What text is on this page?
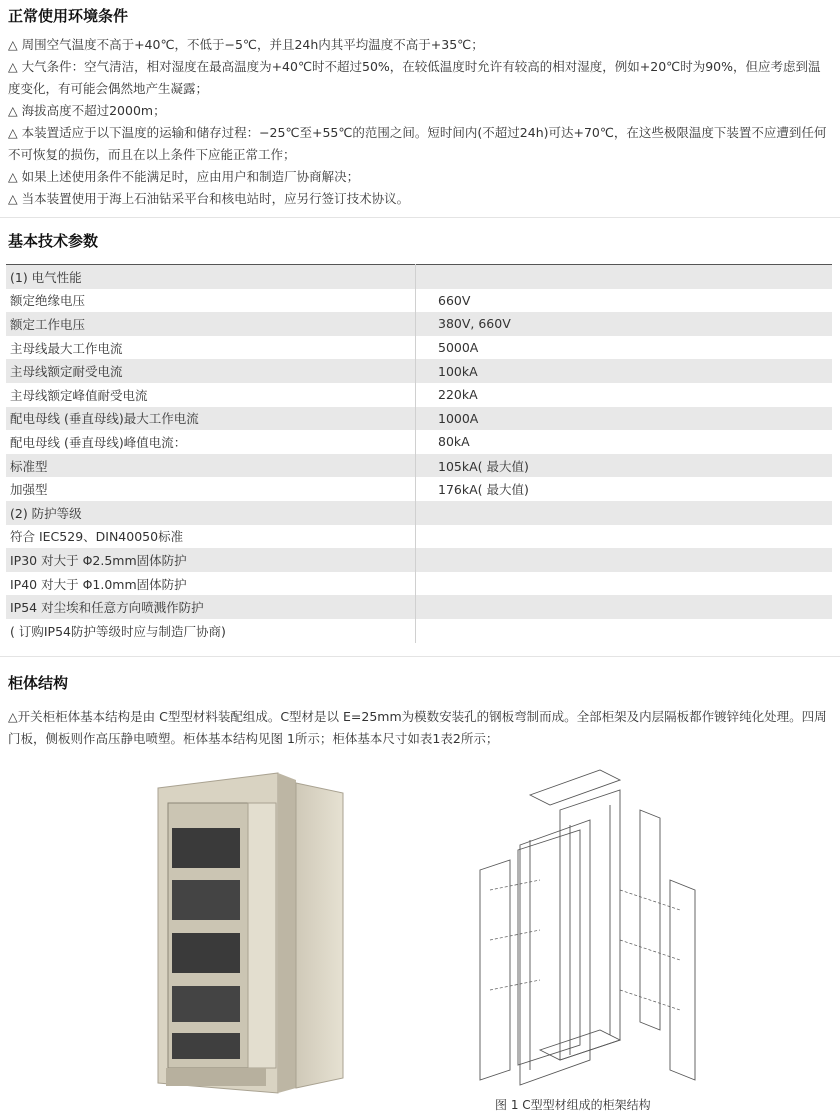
正常使用环境条件

△ 周围空气温度不高于+40℃，不低于−5℃，并且24h内其平均温度不高于+35℃；

△ 大气条件：空气清洁，相对湿度在最高温度为+40℃时不超过50%，在较低温度时允许有较高的相对湿度，例如+20℃时为90%，但应考虑到温度变化，有可能会偶然地产生凝露；

△ 海拔高度不超过2000m；

△ 本装置适应于以下温度的运输和储存过程：−25℃至+55℃的范围之间。短时间内(不超过24h)可达+70℃，在这些极限温度下装置不应遭到任何不可恢复的损伤，而且在以上条件下应能正常工作；

△ 如果上述使用条件不能满足时，应由用户和制造厂协商解决；

△ 当本装置使用于海上石油钻采平台和核电站时，应另行签订技术协议。

基本技术参数
(1) 电气性能	
额定绝缘电压	660V
额定工作电压	380V, 660V
主母线最大工作电流	5000A
主母线额定耐受电流	100kA
主母线额定峰值耐受电流	220kA
配电母线 (垂直母线)最大工作电流	1000A
配电母线 (垂直母线)峰值电流：	80kA
标准型	105kA( 最大值)
加强型	176kA( 最大值)
(2) 防护等级	
符合 IEC529、DIN40050标准	
IP30 对大于 Φ2.5mm固体防护	
IP40 对大于 Φ1.0mm固体防护	
IP54 对尘埃和任意方向喷溅作防护	
( 订购IP54防护等级时应与制造厂协商)	
柜体结构
△开关柜柜体基本结构是由 C型型材料装配组成。C型材是以 E=25mm为模数安装孔的钢板弯制而成。全部柜架及内层隔板都作镀锌纯化处理。四周门板，侧板则作高压静电喷塑。柜体基本结构见图 1所示；柜体基本尺寸如表1表2所示；
图 1 C型型材组成的柜架结构
